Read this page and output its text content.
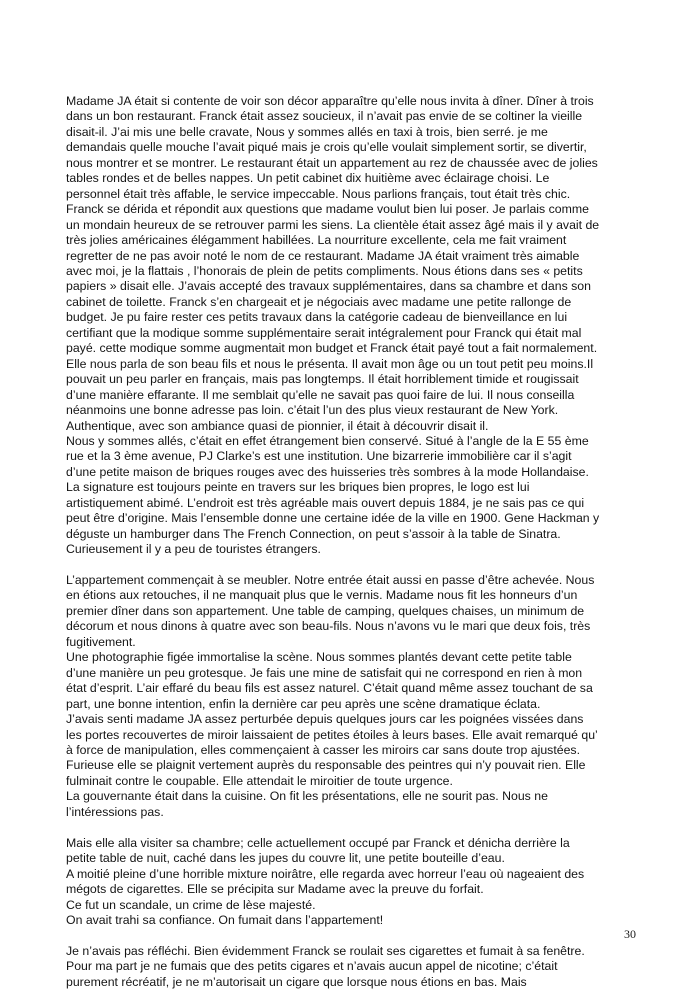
Madame JA était si contente de voir son décor apparaître qu’elle nous invita à dîner. Dîner à trois
dans un bon restaurant. Franck était assez soucieux, il n’avait pas envie de se coltiner la vieille
disait-il. J’ai mis une belle cravate, Nous y sommes allés en taxi à trois, bien serré. je me
demandais quelle mouche l’avait piqué mais je crois qu’elle voulait simplement sortir, se divertir,
nous montrer et se montrer. Le restaurant était un appartement au rez de chaussée avec de jolies
tables rondes et de belles nappes. Un petit cabinet dix huitième avec éclairage choisi. Le
personnel était très affable, le service impeccable. Nous parlions français, tout était très chic.
Franck se dérida et répondit aux questions que madame voulut bien lui poser. Je parlais comme
un mondain heureux de se retrouver parmi les siens. La clientèle était assez âgé mais il y avait de
très jolies américaines élégamment habillées. La nourriture excellente, cela me fait vraiment
regretter de ne pas avoir noté le nom de ce restaurant. Madame JA était vraiment très aimable
avec moi, je la flattais , l’honorais de plein de petits compliments. Nous étions dans ses « petits
papiers » disait elle. J’avais accepté des travaux supplémentaires, dans sa chambre et dans son
cabinet de toilette. Franck s’en chargeait et je négociais avec madame une petite rallonge de
budget. Je pu faire rester ces petits travaux dans la catégorie cadeau de bienveillance en lui
certifiant que la modique somme supplémentaire serait intégralement pour Franck qui était mal
payé. cette modique somme augmentait mon budget et Franck était payé tout a fait normalement.
Elle nous parla de son beau fils et nous le présenta. Il avait mon âge ou un tout petit peu moins.Il
pouvait un peu parler en français, mais pas longtemps. Il était horriblement timide et rougissait
d’une manière effarante. Il me semblait qu’elle ne savait pas quoi faire de lui. Il nous conseilla
néanmoins une bonne adresse pas loin. c’était l’un des plus vieux restaurant de New York.
Authentique, avec son ambiance quasi de pionnier, il était à découvrir disait il.
Nous y sommes allés, c’était en effet étrangement bien conservé. Situé à l’angle de la E 55 ème
rue et la 3 ème avenue, PJ Clarke’s est une institution. Une bizarrerie immobilière car il s’agit
d’une petite maison de briques rouges avec des huisseries très sombres à la mode Hollandaise.
La signature est toujours peinte en travers sur les briques bien propres, le logo est lui
artistiquement abimé. L’endroit est très agréable mais ouvert depuis 1884, je ne sais pas ce qui
peut être d’origine. Mais l’ensemble donne une certaine idée de la ville en 1900. Gene Hackman y
déguste un hamburger dans The French Connection, on peut s’assoir à la table de Sinatra.
Curieusement il y a peu de touristes étrangers.
L’appartement commençait à se meubler. Notre entrée était aussi en passe d’être achevée. Nous
en étions aux retouches, il ne manquait plus que le vernis. Madame nous fit les honneurs d’un
premier dîner dans son appartement. Une table de camping, quelques chaises, un minimum de
décorum et nous dinons à quatre avec son beau-fils. Nous n’avons vu le mari que deux fois, très
fugitivement.
Une photographie figée immortalise la scène. Nous sommes plantés devant cette petite table
d’une manière un peu grotesque. Je fais une mine de satisfait qui ne correspond en rien à mon
état d’esprit. L’air effaré du beau fils est assez naturel. C’était quand même assez touchant de sa
part, une bonne intention, enfin la dernière car peu après une scène dramatique éclata.
J’avais senti madame JA assez perturbée depuis quelques jours car les poignées vissées dans
les portes recouvertes de miroir laissaient de petites étoiles à leurs bases. Elle avait remarqué qu’
à force de manipulation, elles commençaient à casser les miroirs car sans doute trop ajustées.
Furieuse elle se plaignit vertement auprès du responsable des peintres qui n’y pouvait rien. Elle
fulminait contre le coupable. Elle attendait le miroitier de toute urgence.
La gouvernante était dans la cuisine. On fit les présentations, elle ne sourit pas. Nous ne
l’intéressions pas.
Mais elle alla visiter sa chambre; celle actuellement occupé par Franck et dénicha derrière la
petite table de nuit, caché dans les jupes du couvre lit, une petite bouteille d’eau.
A moitié pleine d’une horrible mixture noirâtre, elle regarda avec horreur l’eau où nageaient des
mégots de cigarettes. Elle se précipita sur Madame avec la preuve du forfait.
Ce fut un scandale, un crime de lèse majesté.
On avait trahi sa confiance. On fumait dans l’appartement!
Je n’avais pas réfléchi. Bien évidemment Franck se roulait ses cigarettes et fumait à sa fenêtre.
Pour ma part je ne fumais que des petits cigares et n’avais aucun appel de nicotine; c’était
purement récréatif, je ne m’autorisait un cigare que lorsque nous étions en bas. Mais
30
